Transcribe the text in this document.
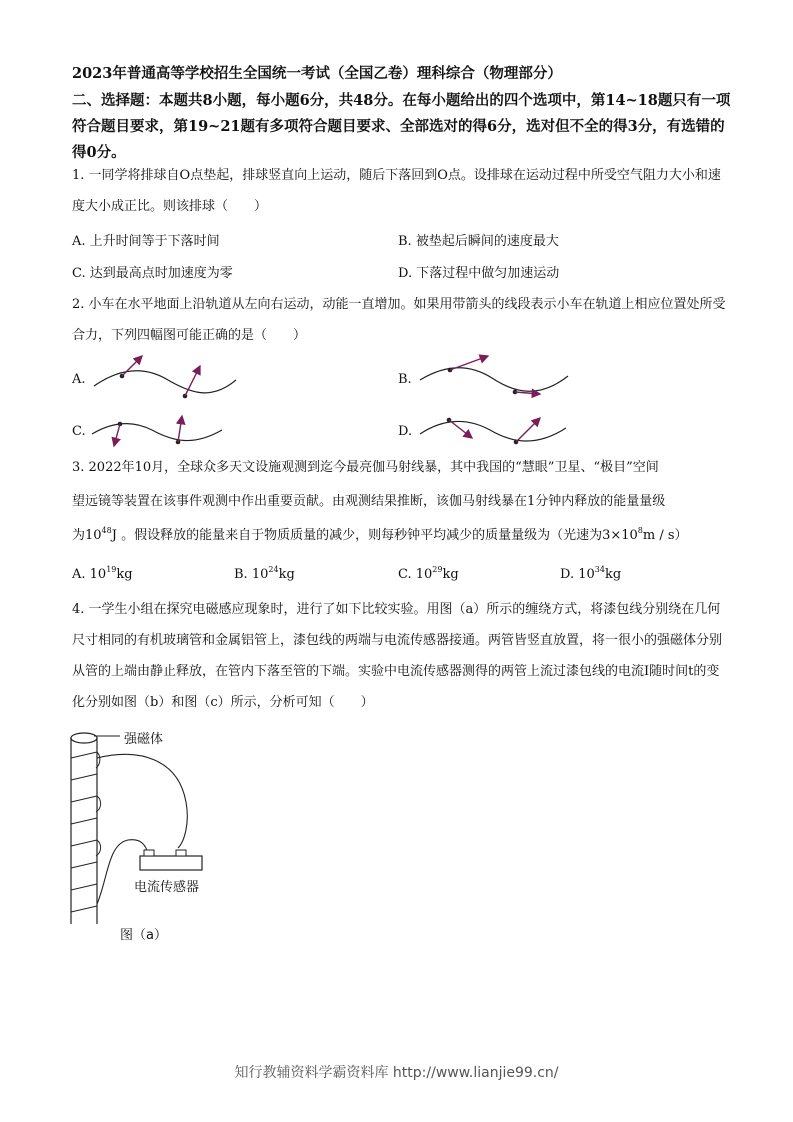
2023年普通高等学校招生全国统一考试（全国乙卷）理科综合（物理部分）
二、选择题：本题共8小题，每小题6分，共48分。在每小题给出的四个选项中，第14~18题只有一项符合题目要求，第19~21题有多项符合题目要求、全部选对的得6分，选对但不全的得3分，有选错的得0分。
1. 一同学将排球自O点垫起，排球竖直向上运动，随后下落回到O点。设排球在运动过程中所受空气阻力大小和速度大小成正比。则该排球（　　）
A. 上升时间等于下落时间	B. 被垫起后瞬间的速度最大
C. 达到最高点时加速度为零	D. 下落过程中做匀加速运动
2. 小车在水平地面上沿轨道从左向右运动，动能一直增加。如果用带箭头的线段表示小车在轨道上相应位置处所受合力，下列四幅图可能正确的是（　　）
A.	B.
C.	D.
3. 2022年10月，全球众多天文设施观测到迄今最亮伽马射线暴，其中我国的“慧眼”卫星、“极目”空间
望远镜等装置在该事件观测中作出重要贡献。由观测结果推断，该伽马射线暴在1分钟内释放的能量量级
为$10^{48}J$ 。假设释放的能量来自于物质质量的减少，则每秒钟平均减少的质量量级为（光速为$3\times 10^8m / s$）
A. $10^{19}kg$	B. $10^{24}kg$	C. $10^{29}kg$	D. $10^{34}kg$
4. 一学生小组在探究电磁感应现象时，进行了如下比较实验。用图（a）所示的缠绕方式，将漆包线分别绕在几何尺寸相同的有机玻璃管和金属铝管上，漆包线的两端与电流传感器接通。两管皆竖直放置，将一很小的强磁体分别从管的上端由静止释放，在管内下落至管的下端。实验中电流传感器测得的两管上流过漆包线的电流I随时间t的变化分别如图（b）和图（c）所示，分析可知（　　）
强磁体
电流传感器
图（a）
知行教辅资料学霸资料库 http://www.lianjie99.cn/
